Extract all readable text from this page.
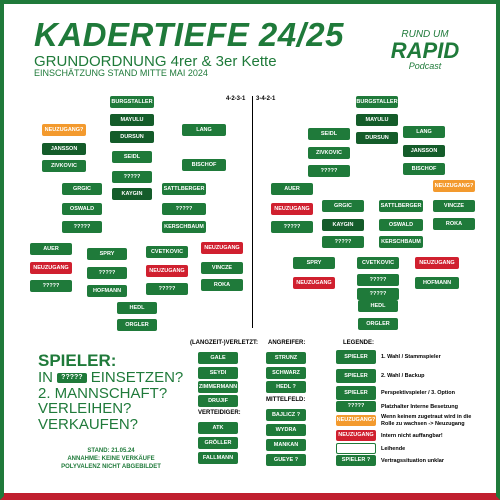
KADERTIEFE 24/25
GRUNDORDNUNG 4rer & 3er Kette
EINSCHÄTZUNG STAND MITTE MAI 2024
RUND UM
RAPID
Podcast
4-2-3-1 3-4-2-1
BURGSTALLER
MAYULU
DURSUN
NEUZUGANG?
JANSSON
ZIVKOVIC
LANG
BISCHOF
SEIDL
?????
KAYGIN
GRGIC
OSWALD
?????
SATTLBERGER
?????
KERSCHBAUM
AUER
NEUZUGANG
?????
SPRY
?????
HOFMANN
CVETKOVIC
NEUZUGANG
?????
NEUZUGANG
VINCZE
ROKA
HEDL
ORGLER
BURGSTALLER
MAYULU
DURSUN
SEIDL
ZIVKOVIC
?????
LANG
JANSSON
BISCHOF
AUER
NEUZUGANG
?????
GRGIC
KAYGIN
?????
SATTLBERGER
OSWALD
KERSCHBAUM
NEUZUGANG?
VINCZE
ROKA
SPRY
NEUZUGANG
CVETKOVIC
?????
?????
NEUZUGANG
HOFMANN
HEDL
ORGLER
SPIELER:
IN ????? EINSETZEN?
2. MANNSCHAFT?
VERLEIHEN?
VERKAUFEN?
STAND: 21.05.24
ANNAHME: KEINE VERKÄUFE
POLYVALENZ NICHT ABGEBILDET
(LANGZEIT-)VERLETZT:
GALE
SEYDI
ZIMMERMANN
DRUJIF
VERTEIDIGER:
ATK
GRÖLLER
FALLMANN
ANGREIFER:
STRUNZ
SCHWARZ
HEDL ?
MITTELFELD:
BAJLICZ ?
WYDRA
MANKAN
GUEYE ?
LEGENDE:
SPIELER	1. Wahl / Stammspieler
SPIELER	2. Wahl / Backup
SPIELER	Perspektivspieler / 3. Option
?????	Platzhalter Interne Besetzung
NEUZUGANG? Wenn keinem zugetraut wird in die Rolle zu wachsen -> Neuzugang
NEUZUGANG	Intern nicht auffangbar!
Leihende
SPIELER ?	Vertragssituation unklar
